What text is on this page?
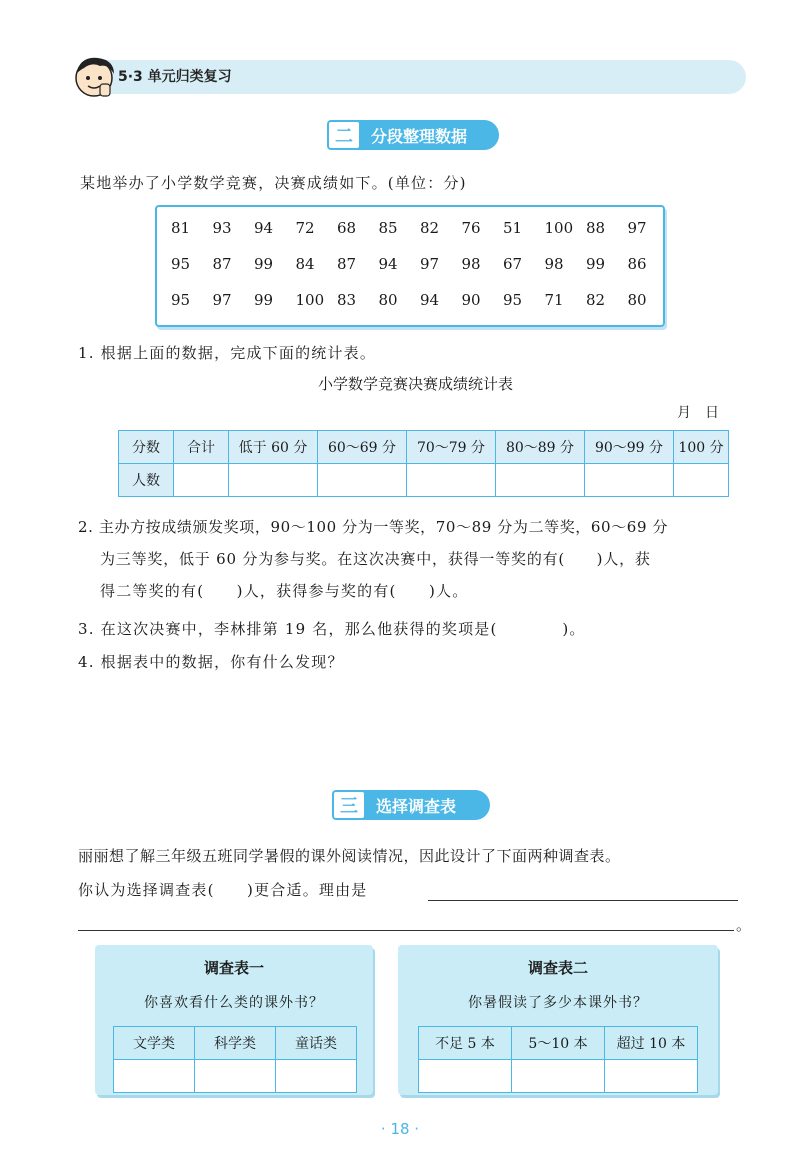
5·3 单元归类复习
二	分段整理数据
某地举办了小学数学竞赛，决赛成绩如下。(单位：分)
81	93	94	72	68	85	82	76	51	100 88	97
95	87	99	84	87	94	97	98	67	98	99	86
95	97	99	100 83	80	94	90	95	71	82	80
1. 根据上面的数据，完成下面的统计表。
小学数学竞赛决赛成绩统计表
月　日
分数	合计	低于 60 分	60～69 分	70～79 分	80～89 分	90～99 分	100 分
人数							
2. 主办方按成绩颁发奖项，90～100 分为一等奖，70～89 分为二等奖，60～69 分
为三等奖，低于 60 分为参与奖。在这次决赛中，获得一等奖的有(　　)人，获
得二等奖的有(　　)人，获得参与奖的有(　　)人。
3. 在这次决赛中，李林排第 19 名，那么他获得的奖项是(　　　　)。
4. 根据表中的数据，你有什么发现？
三	选择调查表
丽丽想了解三年级五班同学暑假的课外阅读情况，因此设计了下面两种调查表。
你认为选择调查表(　　)更合适。理由是
。
调查表一
你喜欢看什么类的课外书？
文学类	科学类	童话类

调查表二
你暑假读了多少本课外书？
不足 5 本	5～10 本	超过 10 本

· 18 ·
